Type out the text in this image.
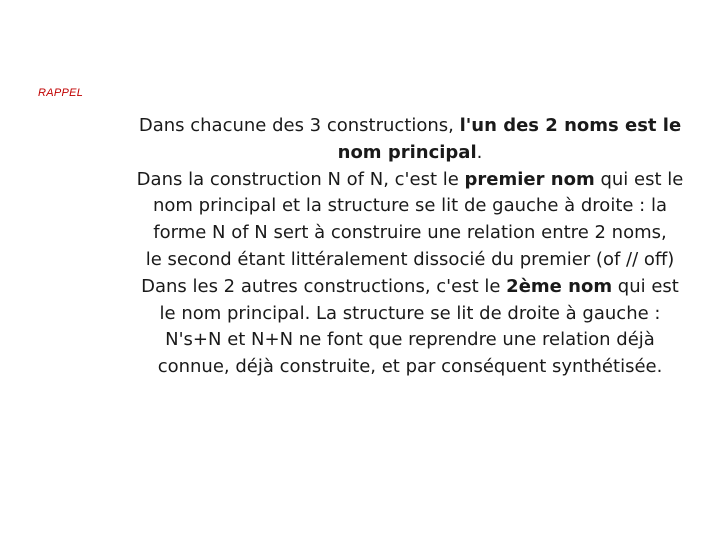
RAPPEL
Dans chacune des 3 constructions, l'un des 2 noms est le
nom principal.
Dans la construction N of N, c'est le premier nom qui est le
nom principal et la structure se lit de gauche à droite : la
forme N of N sert à construire une relation entre 2 noms,
le second étant littéralement dissocié du premier (of // off)
Dans les 2 autres constructions, c'est le 2ème nom qui est
le nom principal. La structure se lit de droite à gauche :
N's+N et N+N ne font que reprendre une relation déjà
connue, déjà construite, et par conséquent synthétisée.
